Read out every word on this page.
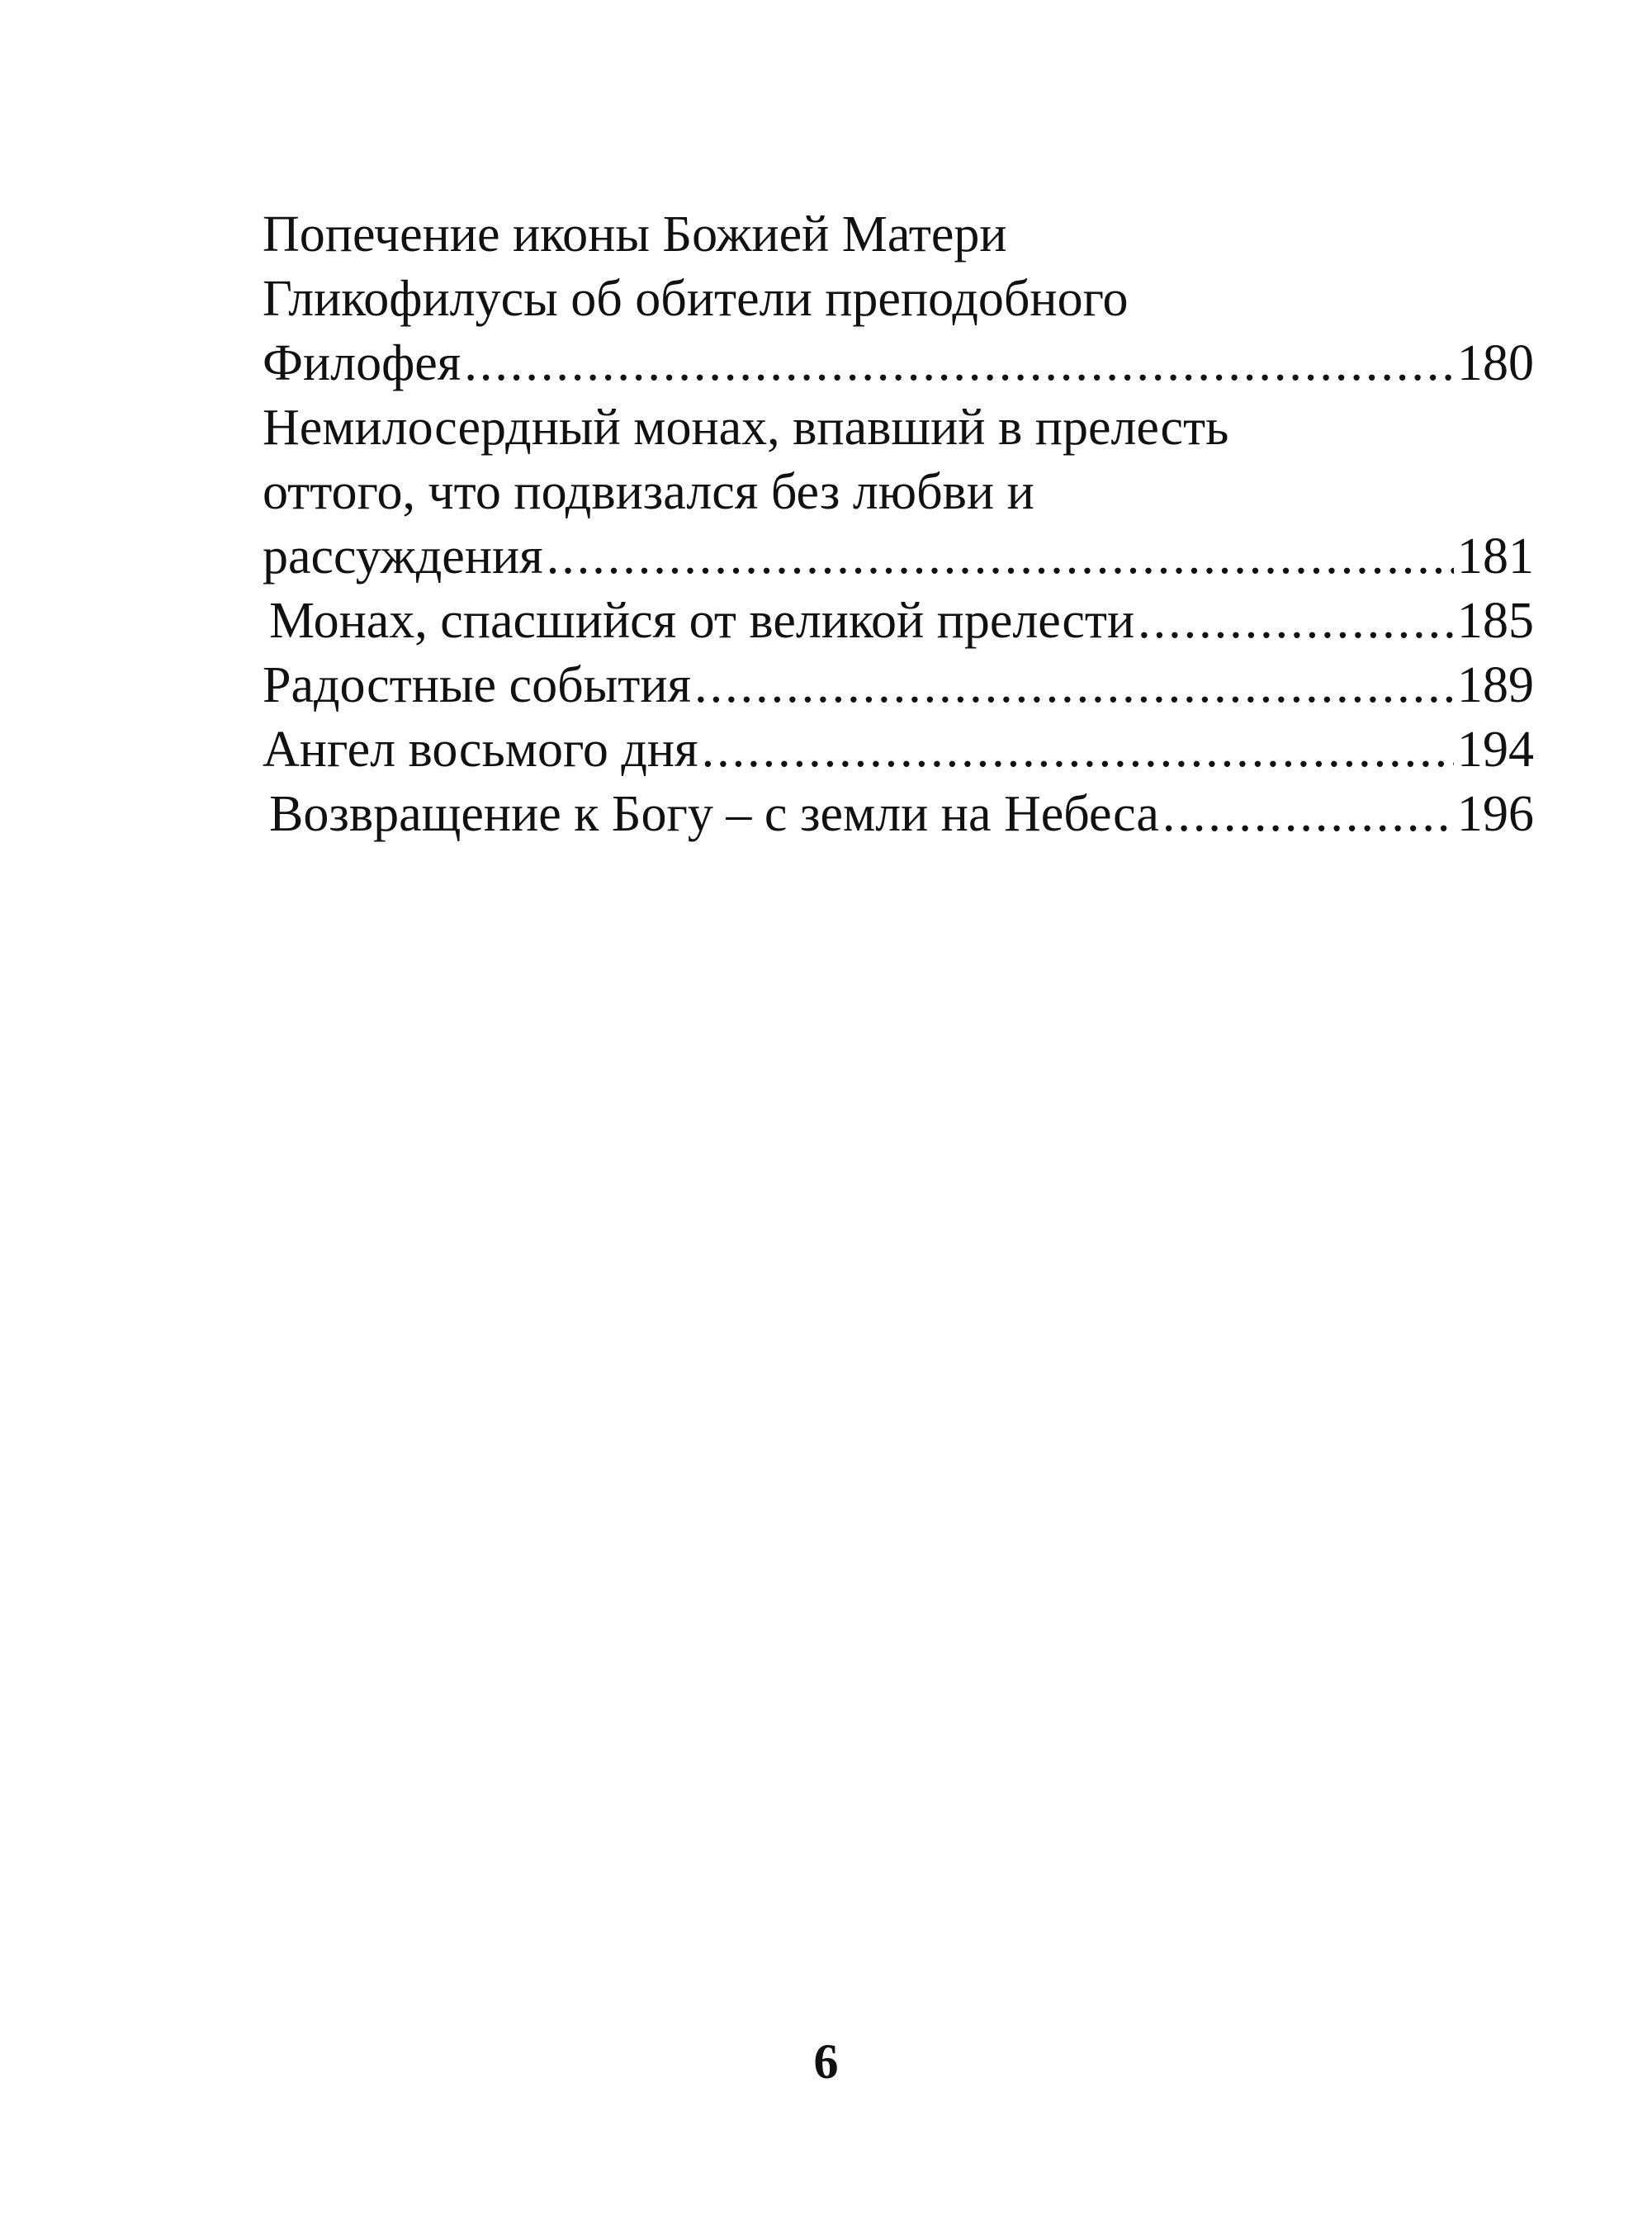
Попечение иконы Божией Матери
Гликофилусы об обители преподобного
Филофея .....	180
Немилосердный монах, впавший в прелесть
оттого, что подвизался без любви и
рассуждения .....	181
Монах, спасшийся от великой прелести .....	185
Радостные события .....	189
Ангел восьмого дня .....	194
Возвращение к Богу – с земли на Небеса .....	196
6
